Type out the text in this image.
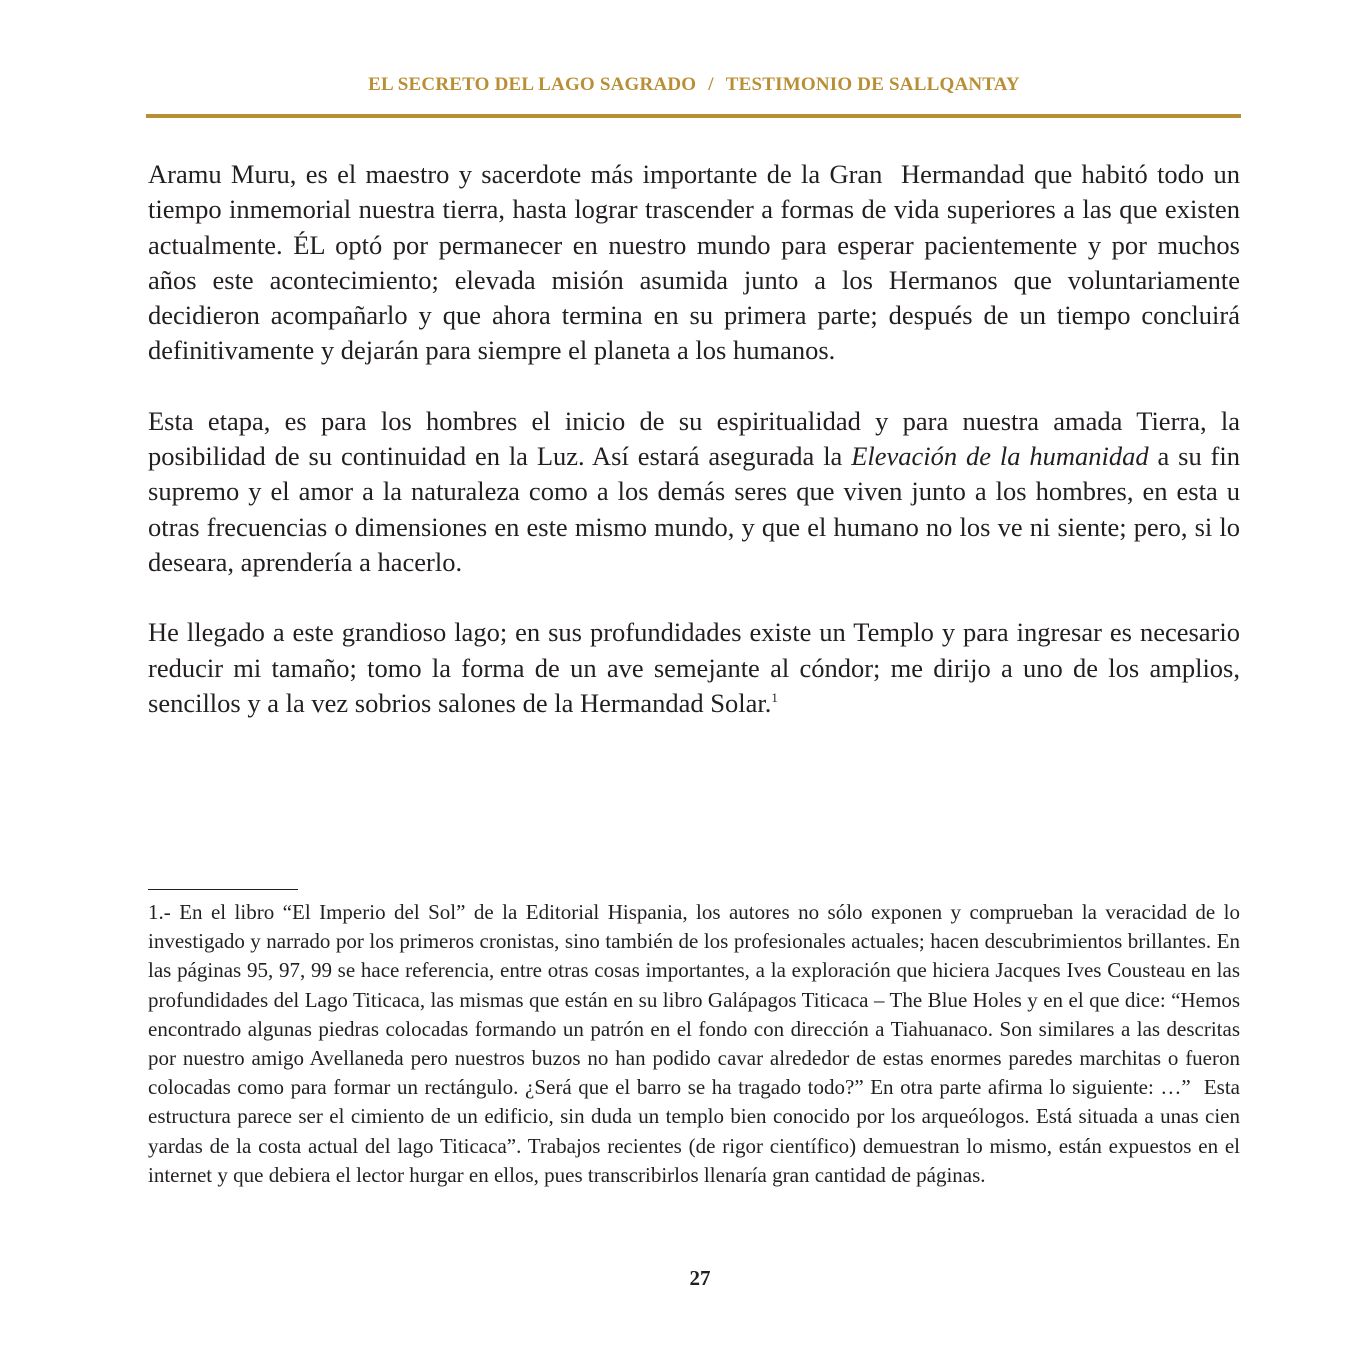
EL SECRETO DEL LAGO SAGRADO / TESTIMONIO DE SALLQANTAY

Aramu Muru, es el maestro y sacerdote más importante de la Gran  Hermandad que habitó todo un tiempo inmemorial nuestra tierra, hasta lograr trascender a formas de vida superiores a las que existen actualmente. ÉL optó por permanecer en nuestro mundo para esperar pacientemente y por muchos años este acontecimiento; elevada misión asumida junto a los Hermanos que voluntariamente decidieron acompañarlo y que ahora termina en su primera parte; después de un tiempo concluirá definitivamente y dejarán para siempre el planeta a los humanos.

Esta etapa, es para los hombres el inicio de su espiritualidad y para nuestra amada Tierra, la posibilidad de su continuidad en la Luz. Así estará asegurada la Elevación de la humanidad a su fin supremo y el amor a la naturaleza como a los demás seres que viven junto a los hombres, en esta u otras frecuencias o dimensiones en este mismo mundo, y que el humano no los ve ni siente; pero, si lo deseara, aprendería a hacerlo.

He llegado a este grandioso lago; en sus profundidades existe un Templo y para ingresar es necesario reducir mi tamaño; tomo la forma de un ave semejante al cóndor; me dirijo a uno de los amplios, sencillos y a la vez sobrios salones de la Hermandad Solar.$^1$

1.- En el libro “El Imperio del Sol” de la Editorial Hispania, los autores no sólo exponen y comprueban la veracidad de lo investigado y narrado por los primeros cronistas, sino también de los profesionales actuales; hacen descubrimientos brillantes. En las páginas 95, 97, 99 se hace referencia, entre otras cosas importantes, a la exploración que hiciera Jacques Ives Cousteau en las profundidades del Lago Titicaca, las mismas que están en su libro Galápagos Titicaca – The Blue Holes y en el que dice: “Hemos encontrado algunas piedras colocadas formando un patrón en el fondo con dirección a Tiahuanaco. Son similares a las descritas por nuestro amigo Avellaneda pero nuestros buzos no han podido cavar alrededor de estas enormes paredes marchitas o fueron colocadas como para formar un rectángulo. ¿Será que el barro se ha tragado todo?” En otra parte afirma lo siguiente: …”  Esta estructura parece ser el cimiento de un edificio, sin duda un templo bien conocido por los arqueólogos. Está situada a unas cien yardas de la costa actual del lago Titicaca”. Trabajos recientes (de rigor científico) demuestran lo mismo, están expuestos en el internet y que debiera el lector hurgar en ellos, pues transcribirlos llenaría gran cantidad de páginas.

27
